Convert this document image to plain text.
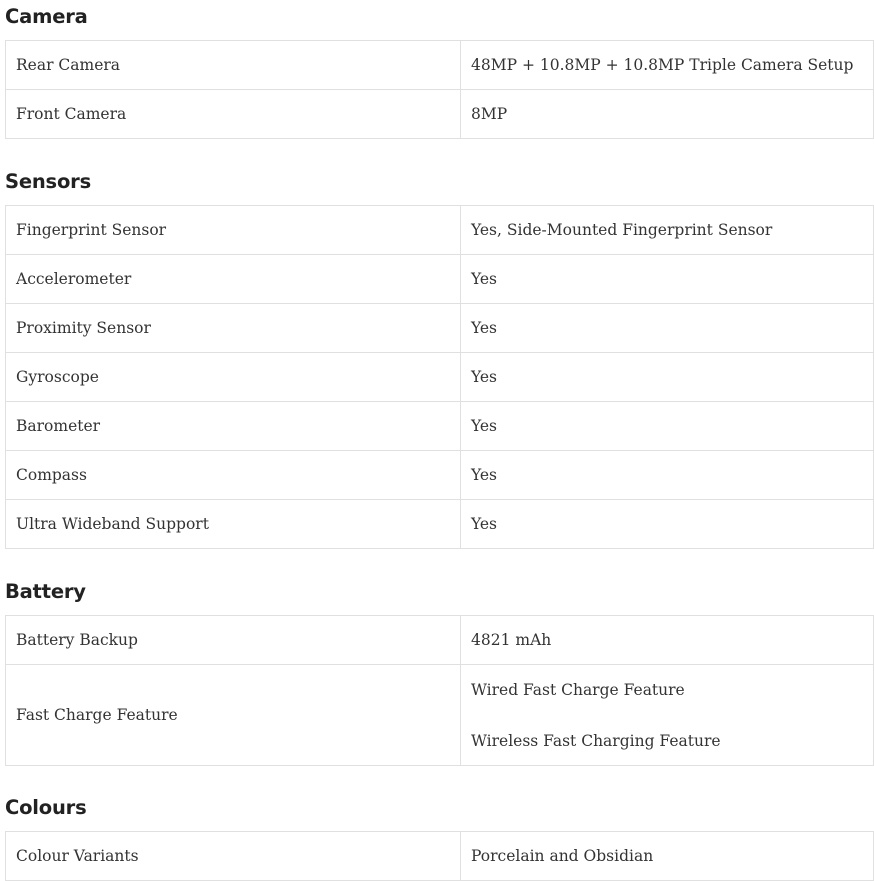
Camera
Rear Camera	48MP + 10.8MP + 10.8MP Triple Camera Setup
Front Camera	8MP
Sensors
Fingerprint Sensor	Yes, Side-Mounted Fingerprint Sensor
Accelerometer	Yes
Proximity Sensor	Yes
Gyroscope	Yes
Barometer	Yes
Compass	Yes
Ultra Wideband Support	Yes
Battery
Battery Backup	4821 mAh
Fast Charge Feature	Wired Fast Charge Feature

Wireless Fast Charging Feature

Colours
Colour Variants	Porcelain and Obsidian
